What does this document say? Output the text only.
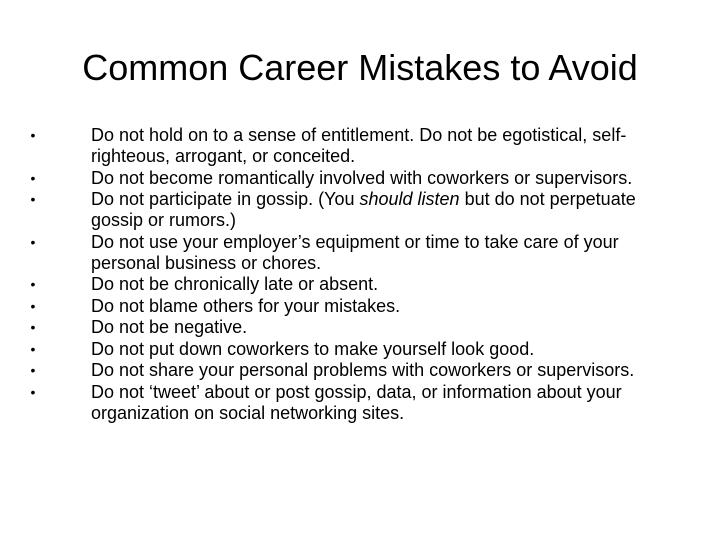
Common Career Mistakes to Avoid
•	Do not hold on to a sense of entitlement. Do not be egotistical, self-righteous, arrogant, or conceited.
•	Do not become romantically involved with coworkers or supervisors.
•	Do not participate in gossip. (You should listen but do not perpetuate gossip or rumors.)
•	Do not use your employer’s equipment or time to take care of your personal business or chores.
•	Do not be chronically late or absent.
•	Do not blame others for your mistakes.
•	Do not be negative.
•	Do not put down coworkers to make yourself look good.
•	Do not share your personal problems with coworkers or supervisors.
•	Do not ‘tweet’ about or post gossip, data, or information about your organization on social networking sites.
